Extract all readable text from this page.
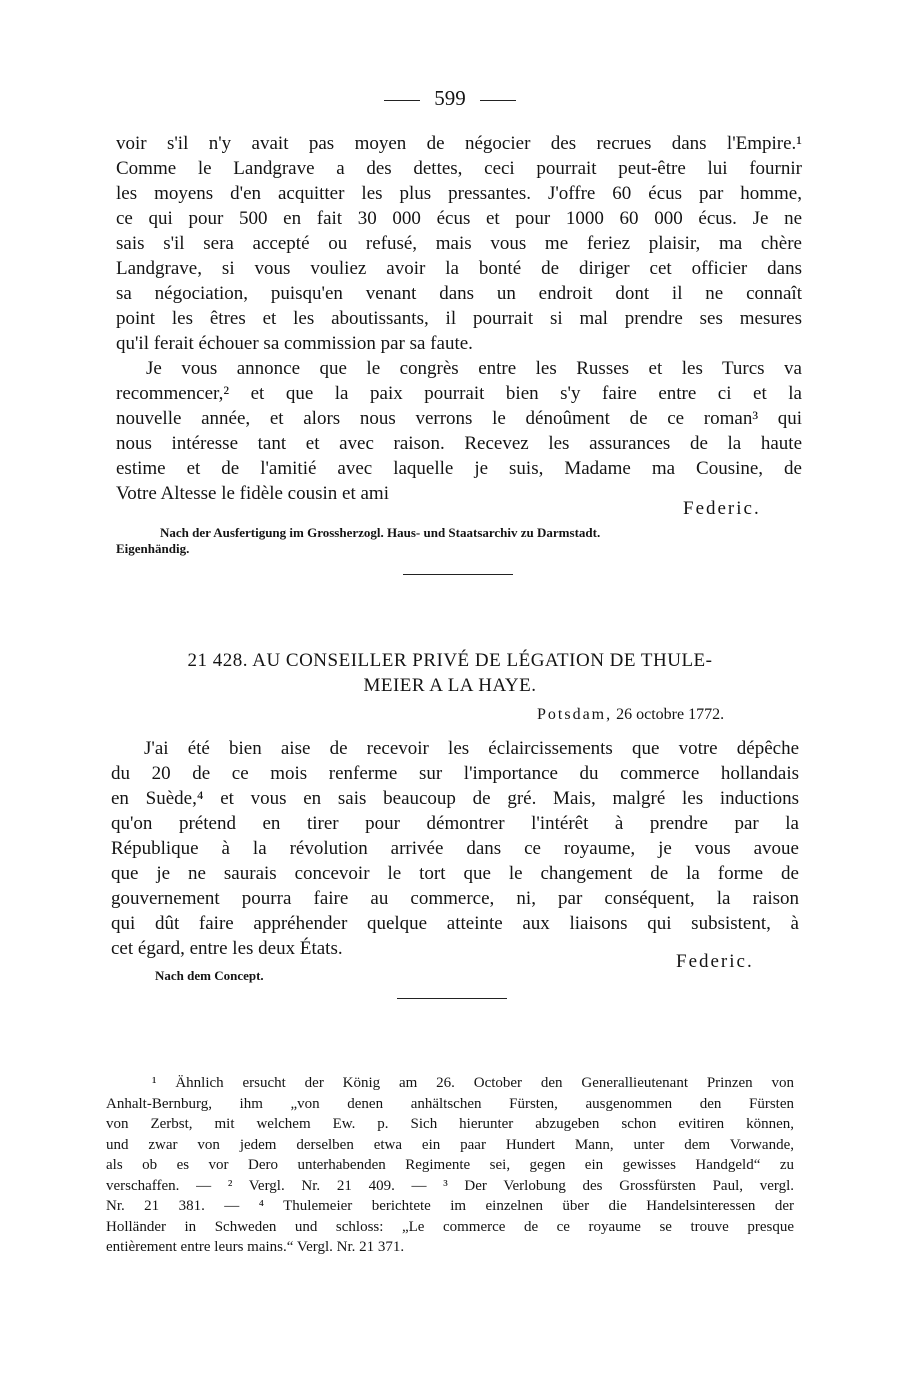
599
voir s'il n'y avait pas moyen de négocier des recrues dans l'Empire.¹
Comme le Landgrave a des dettes, ceci pourrait peut-être lui fournir
les moyens d'en acquitter les plus pressantes. J'offre 60 écus par homme,
ce qui pour 500 en fait 30 000 écus et pour 1000 60 000 écus. Je ne
sais s'il sera accepté ou refusé, mais vous me feriez plaisir, ma chère
Landgrave, si vous vouliez avoir la bonté de diriger cet officier dans
sa négociation, puisqu'en venant dans un endroit dont il ne connaît
point les êtres et les aboutissants, il pourrait si mal prendre ses mesures
qu'il ferait échouer sa commission par sa faute.
Je vous annonce que le congrès entre les Russes et les Turcs va
recommencer,² et que la paix pourrait bien s'y faire entre ci et la
nouvelle année, et alors nous verrons le dénoûment de ce roman³ qui
nous intéresse tant et avec raison. Recevez les assurances de la haute
estime et de l'amitié avec laquelle je suis, Madame ma Cousine, de
Votre Altesse le fidèle cousin et ami
Federic.
Nach der Ausfertigung im Grossherzogl. Haus- und Staatsarchiv zu Darmstadt.
Eigenhändig.
21 428. AU CONSEILLER PRIVÉ DE LÉGATION DE THULE-
MEIER A LA HAYE.
Potsdam, 26 octobre 1772.
J'ai été bien aise de recevoir les éclaircissements que votre dépêche
du 20 de ce mois renferme sur l'importance du commerce hollandais
en Suède,⁴ et vous en sais beaucoup de gré. Mais, malgré les inductions
qu'on prétend en tirer pour démontrer l'intérêt à prendre par la
République à la révolution arrivée dans ce royaume, je vous avoue
que je ne saurais concevoir le tort que le changement de la forme de
gouvernement pourra faire au commerce, ni, par conséquent, la raison
qui dût faire appréhender quelque atteinte aux liaisons qui subsistent, à
cet égard, entre les deux États.
Federic.
Nach dem Concept.
¹ Ähnlich ersucht der König am 26. October den Generallieutenant Prinzen von
Anhalt-Bernburg, ihm „von denen anhältschen Fürsten, ausgenommen den Fürsten
von Zerbst, mit welchem Ew. p. Sich hierunter abzugeben schon evitiren können,
und zwar von jedem derselben etwa ein paar Hundert Mann, unter dem Vorwande,
als ob es vor Dero unterhabenden Regimente sei, gegen ein gewisses Handgeld“ zu
verschaffen. — ² Vergl. Nr. 21 409. — ³ Der Verlobung des Grossfürsten Paul, vergl.
Nr. 21 381. — ⁴ Thulemeier berichtete im einzelnen über die Handelsinteressen der
Holländer in Schweden und schloss: „Le commerce de ce royaume se trouve presque
entièrement entre leurs mains.“ Vergl. Nr. 21 371.
